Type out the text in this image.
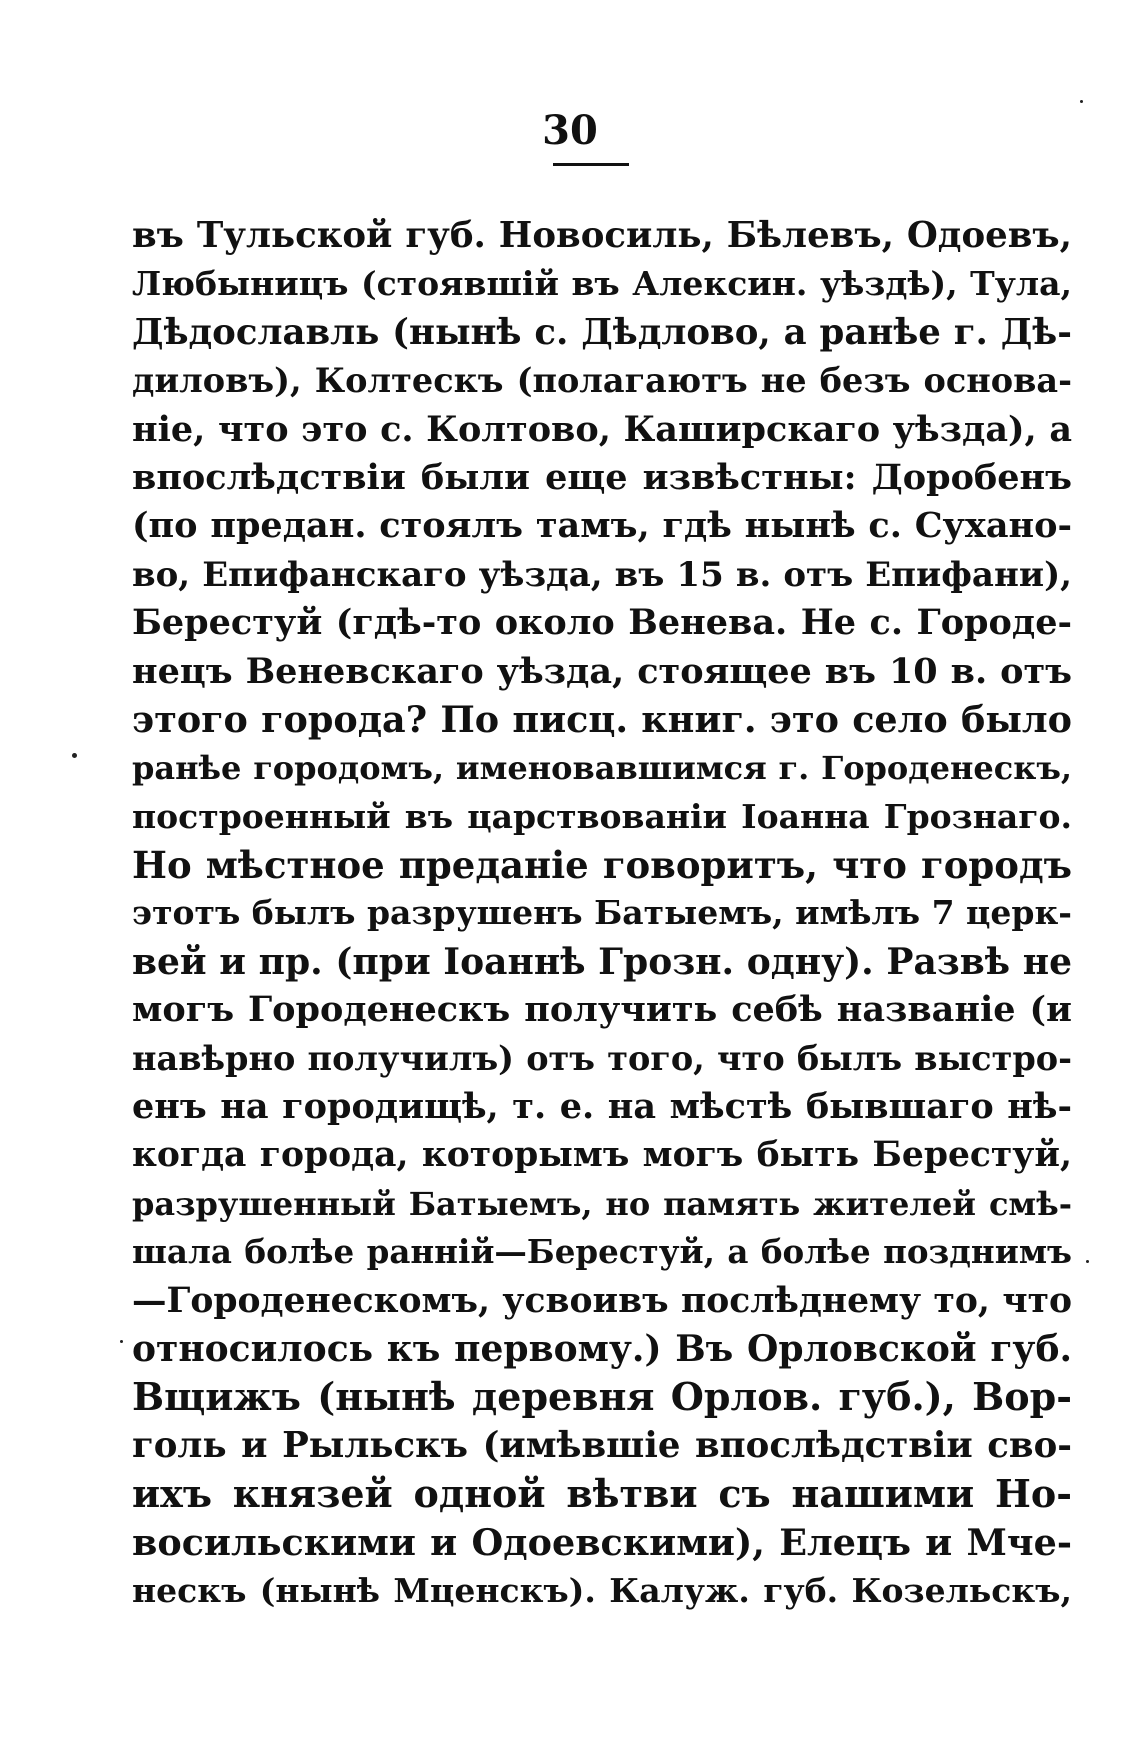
30
въ Тульской губ. Новосиль, Бѣлевъ, Одоевъ,
Любыницъ (стоявшій въ Алексин. уѣздѣ), Тула,
Дѣдославль (нынѣ с. Дѣдлово, а ранѣе г. Дѣ-
диловъ), Колтескъ (полагаютъ не безъ основа-
ніе, что это с. Колтово, Каширскаго уѣзда), а
впослѣдствіи были еще извѣстны: Доробенъ
(по предан. стоялъ тамъ, гдѣ нынѣ с. Сухано-
во, Епифанскаго уѣзда, въ 15 в. отъ Епифани),
Берестуй (гдѣ-то около Венева. Не с. Городе-
нецъ Веневскаго уѣзда, стоящее въ 10 в. отъ
этого города? По писц. книг. это село было
ранѣе городомъ, именовавшимся г. Городенескъ,
построенный въ царствованіи Іоанна Грознаго.
Но мѣстное преданіе говоритъ, что городъ
этотъ былъ разрушенъ Батыемъ, имѣлъ 7 церк-
вей и пр. (при Іоаннѣ Грозн. одну). Развѣ не
могъ Городенескъ получить себѣ названіе (и
навѣрно получилъ) отъ того, что былъ выстро-
енъ на городищѣ, т. е. на мѣстѣ бывшаго нѣ-
когда города, которымъ могъ быть Берестуй,
разрушенный Батыемъ, но память жителей смѣ-
шала болѣе раннiй—Берестуй, а болѣе позднимъ
—Городенескомъ, усвоивъ послѣднему то, что
относилось къ первому.) Въ Орловской губ.
Вщижъ (нынѣ деревня Орлов. губ.), Вор-
голь и Рыльскъ (имѣвшіе впослѣдствіи сво-
ихъ князей одной вѣтви съ нашими Но-
восильскими и Одоевскими), Елецъ и Мче-
нескъ (нынѣ Мценскъ). Калуж. губ. Козельскъ,
